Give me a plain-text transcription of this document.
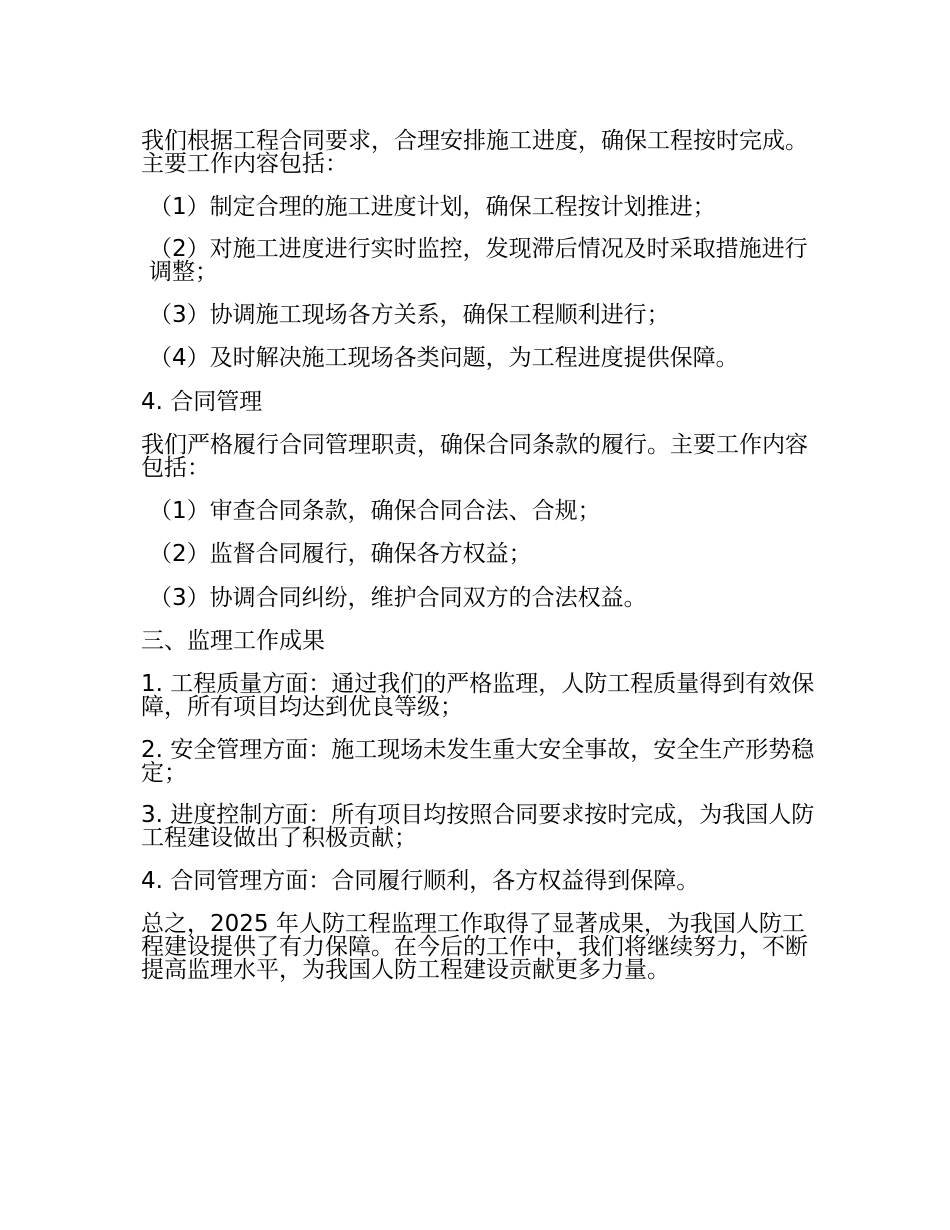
我们根据工程合同要求，合理安排施工进度，确保工程按时完成。主要工作内容包括：

（1）制定合理的施工进度计划，确保工程按计划推进；

（2）对施工进度进行实时监控，发现滞后情况及时采取措施进行调整；

（3）协调施工现场各方关系，确保工程顺利进行；

（4）及时解决施工现场各类问题，为工程进度提供保障。

4. 合同管理

我们严格履行合同管理职责，确保合同条款的履行。主要工作内容包括：

（1）审查合同条款，确保合同合法、合规；

（2）监督合同履行，确保各方权益；

（3）协调合同纠纷，维护合同双方的合法权益。

三、监理工作成果

1. 工程质量方面：通过我们的严格监理，人防工程质量得到有效保障，所有项目均达到优良等级；

2. 安全管理方面：施工现场未发生重大安全事故，安全生产形势稳定；

3. 进度控制方面：所有项目均按照合同要求按时完成，为我国人防工程建设做出了积极贡献；

4. 合同管理方面：合同履行顺利，各方权益得到保障。

总之，2025 年人防工程监理工作取得了显著成果，为我国人防工程建设提供了有力保障。在今后的工作中，我们将继续努力，不断提高监理水平，为我国人防工程建设贡献更多力量。
